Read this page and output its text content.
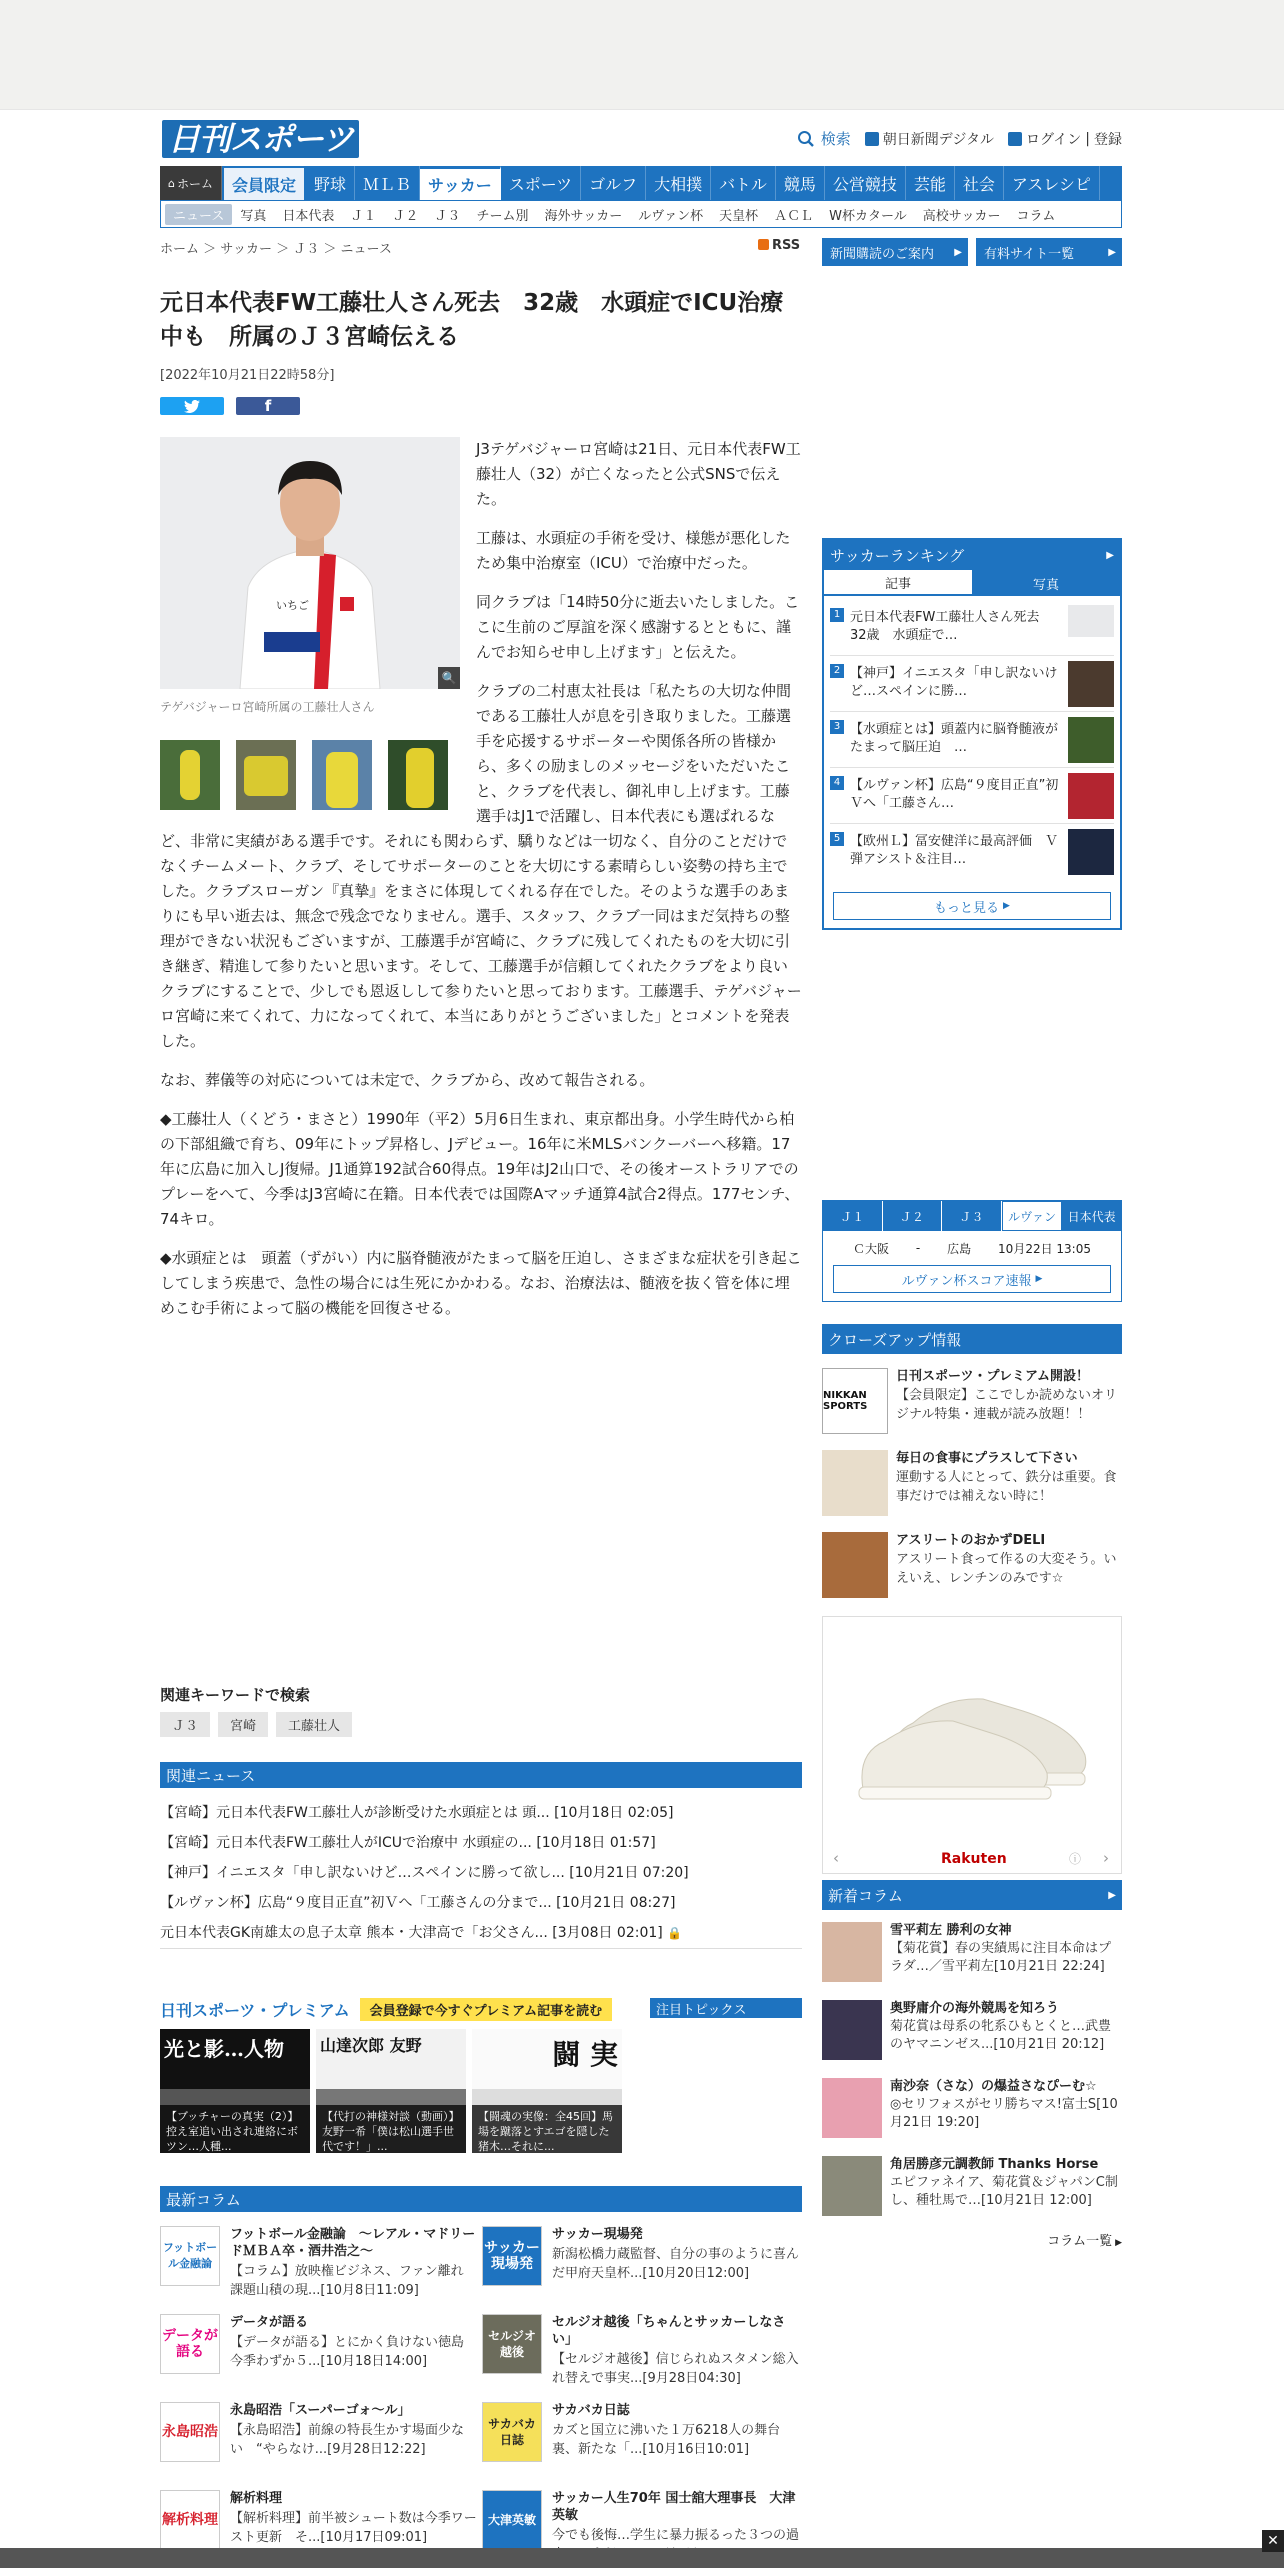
日刊スポーツ	検索	朝日新聞デジタル	ログイン | 登録
⌂ ホーム	会員限定	野球	ＭＬＢ	サッカー	スポーツ	ゴルフ	大相撲	バトル	競馬	公営競技	芸能	社会	アスレシピ
ニュース	写真	日本代表	Ｊ１	Ｊ２	Ｊ３	チーム別	海外サッカー	ルヴァン杯	天皇杯	ＡＣＬ	W杯カタール	高校サッカー	コラム
ホーム ＞ サッカー ＞ Ｊ３ ＞ ニュース	RSS
元日本代表FW工藤壮人さん死去　32歳　水頭症でICU治療中も　所属のＪ３宮崎伝える
[2022年10月21日22時58分]
f
いちご
🔍
テゲバジャーロ宮崎所属の工藤壮人さん

J3テゲバジャーロ宮崎は21日、元日本代表FW工藤壮人（32）が亡くなったと公式SNSで伝えた。

工藤は、水頭症の手術を受け、様態が悪化したため集中治療室（ICU）で治療中だった。

同クラブは「14時50分に逝去いたしました。ここに生前のご厚誼を深く感謝するとともに、謹んでお知らせ申し上げます」と伝えた。

クラブの二村恵太社長は「私たちの大切な仲間である工藤壮人が息を引き取りました。工藤選手を応援するサポーターや関係各所の皆様から、多くの励ましのメッセージをいただいたこと、クラブを代表し、御礼申し上げます。工藤選手はJ1で活躍し、日本代表にも選ばれるなど、非常に実績がある選手です。それにも関わらず、驕りなどは一切なく、自分のことだけでなくチームメート、クラブ、そしてサポーターのことを大切にする素晴らしい姿勢の持ち主でした。クラブスローガン『真摯』をまさに体現してくれる存在でした。そのような選手のあまりにも早い逝去は、無念で残念でなりません。選手、スタッフ、クラブ一同はまだ気持ちの整理ができない状況もございますが、工藤選手が宮崎に、クラブに残してくれたものを大切に引き継ぎ、精進して参りたいと思います。そして、工藤選手が信頼してくれたクラブをより良いクラブにすることで、少しでも恩返しして参りたいと思っております。工藤選手、テゲバジャーロ宮崎に来てくれて、力になってくれて、本当にありがとうございました」とコメントを発表した。

なお、葬儀等の対応については未定で、クラブから、改めて報告される。

◆工藤壮人（くどう・まさと）1990年（平2）5月6日生まれ、東京都出身。小学生時代から柏の下部組織で育ち、09年にトップ昇格し、Jデビュー。16年に米MLSバンクーバーへ移籍。17年に広島に加入しJ復帰。J1通算192試合60得点。19年はJ2山口で、その後オーストラリアでのプレーをへて、今季はJ3宮崎に在籍。日本代表では国際Aマッチ通算4試合2得点。177センチ、74キロ。

◆水頭症とは　頭蓋（ずがい）内に脳脊髄液がたまって脳を圧迫し、さまざまな症状を引き起こしてしまう疾患で、急性の場合には生死にかかわる。なお、治療法は、髄液を抜く管を体に埋めこむ手術によって脳の機能を回復させる。

関連キーワードで検索
Ｊ３	宮崎	工藤壮人
関連ニュース
【宮崎】元日本代表FW工藤壮人が診断受けた水頭症とは 頭... [10月18日 02:05]
【宮崎】元日本代表FW工藤壮人がICUで治療中 水頭症の... [10月18日 01:57]
【神戸】イニエスタ「申し訳ないけど…スペインに勝って欲し... [10月21日 07:20]
【ルヴァン杯】広島“９度目正直”初Ｖへ「工藤さんの分まで... [10月21日 08:27]
元日本代表GK南雄太の息子太章 熊本・大津高で「お父さん... [3月08日 02:01] 🔒
日刊スポーツ・プレミアム	会員登録で今すぐプレミアム記事を読む
光と影…人物
【ブッチャーの真実（2）】控え室追い出され連絡にボツン…人種...
山達次郎 友野
【代打の神様対談（動画）】友野一希「僕は松山選手世代です！」...
闘 実
【闘魂の実像：全45回】馬場を蹴落とすエゴを隠した猪木…それに...
注目トピックス
最新コラム
フットボール金融論
フットボール金融論　～レアル・マドリードＭＢＡ卒・酒井浩之～
【コラム】放映権ビジネス、ファン離れ　課題山積の現...[10月8日11:09]
サッカー現場発
サッカー現場発
新潟松橋力蔵監督、自分の事のように喜んだ甲府天皇杯...[10月20日12:00]
データが語る
データが語る
【データが語る】とにかく負けない徳島　今季わずか５...[10月18日14:00]
セルジオ越後
セルジオ越後「ちゃんとサッカーしなさい」
【セルジオ越後】信じられぬスタメン総入れ替えで事実...[9月28日04:30]
永島昭浩
永島昭浩「スーパーゴォ〜ル」
【永島昭浩】前線の特長生かす場面少ない　“やらなけ...[9月28日12:22]
サカバカ日誌
サカバカ日誌
カズと国立に沸いた１万6218人の舞台裏、新たな「...[10月16日10:01]
解析料理
解析料理
【解析料理】前半被シュート数は今季ワースト更新　そ...[10月17日09:01]
大津英敏
サッカー人生70年 国士舘大理事長　大津英敏
今でも後悔…学生に暴力振るった３つの過　
新聞購読のご案内 ▶ 有料サイト一覧	▶
サッカーランキング	▶
記事	写真
1 元日本代表FW工藤壮人さん死去　32歳　水頭症で…
2 【神戸】イニエスタ「申し訳ないけど…スペインに勝…
3 【水頭症とは】頭蓋内に脳脊髄液がたまって脳圧迫　…
4 【ルヴァン杯】広島“９度目正直”初Ｖへ「工藤さん…
5 【欧州Ｌ】冨安健洋に最高評価　Ｖ弾アシスト＆注目…
もっと見る ▶
Ｊ１	Ｊ２	Ｊ３	ルヴァン 日本代表
Ｃ大阪 - 広島 10月22日 13:05
ルヴァン杯スコア速報 ▶
クローズアップ情報
NIKKAN SPORTS
日刊スポーツ・プレミアム開設！
【会員限定】ここでしか読めないオリジナル特集・連載が読み放題！！
毎日の食事にプラスして下さい
運動する人にとって、鉄分は重要。食事だけでは補えない時に！
アスリートのおかずDELI
アスリート食って作るの大変そう。いえいえ、レンチンのみです☆
‹	Rakuten	ⓘ ›
新着コラム	▶
雪平莉左 勝利の女神
【菊花賞】春の実績馬に注目本命はプラダ…／雪平莉左[10月21日 22:24]
奥野庸介の海外競馬を知ろう
菊花賞は母系の牝系ひもとくと…武豊のヤマニンゼス...[10月21日 20:12]
南沙奈（さな）の爆益さなぴーむ☆
◎セリフォスがセリ勝ちマス!富士S[10月21日 19:20]
角居勝彦元調教師 Thanks Horse
エピファネイア、菊花賞＆ジャパンC制し、種牡馬で…[10月21日 12:00]
コラム一覧 ▶
✕
